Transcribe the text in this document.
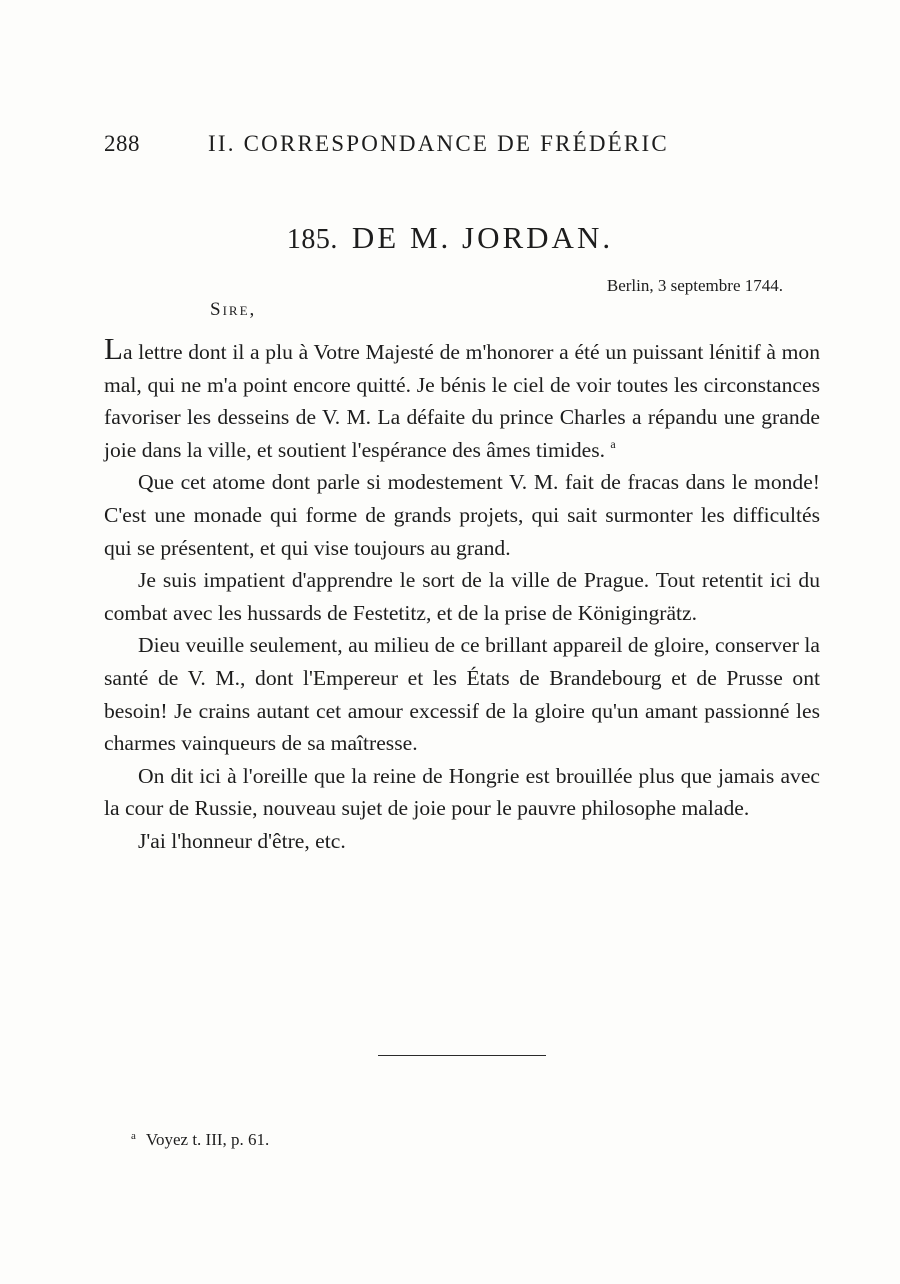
288	II. CORRESPONDANCE DE FRÉDÉRIC
185. DE M. JORDAN.
Berlin, 3 septembre 1744.
Sire,

La lettre dont il a plu à Votre Majesté de m'honorer a été un puissant lénitif à mon mal, qui ne m'a point encore quitté. Je bénis le ciel de voir toutes les circonstances favoriser les desseins de V. M. La défaite du prince Charles a répandu une grande joie dans la ville, et soutient l'espérance des âmes timides. $^a$

Que cet atome dont parle si modestement V. M. fait de fracas dans le monde! C'est une monade qui forme de grands projets, qui sait surmonter les difficultés qui se présentent, et qui vise toujours au grand.

Je suis impatient d'apprendre le sort de la ville de Prague. Tout retentit ici du combat avec les hussards de Festetitz, et de la prise de Königingrätz.

Dieu veuille seulement, au milieu de ce brillant appareil de gloire, conserver la santé de V. M., dont l'Empereur et les États de Brandebourg et de Prusse ont besoin! Je crains autant cet amour excessif de la gloire qu'un amant passionné les charmes vainqueurs de sa maîtresse.

On dit ici à l'oreille que la reine de Hongrie est brouillée plus que jamais avec la cour de Russie, nouveau sujet de joie pour le pauvre philosophe malade.

J'ai l'honneur d'être, etc.

$^a$ Voyez t. III, p. 61.
